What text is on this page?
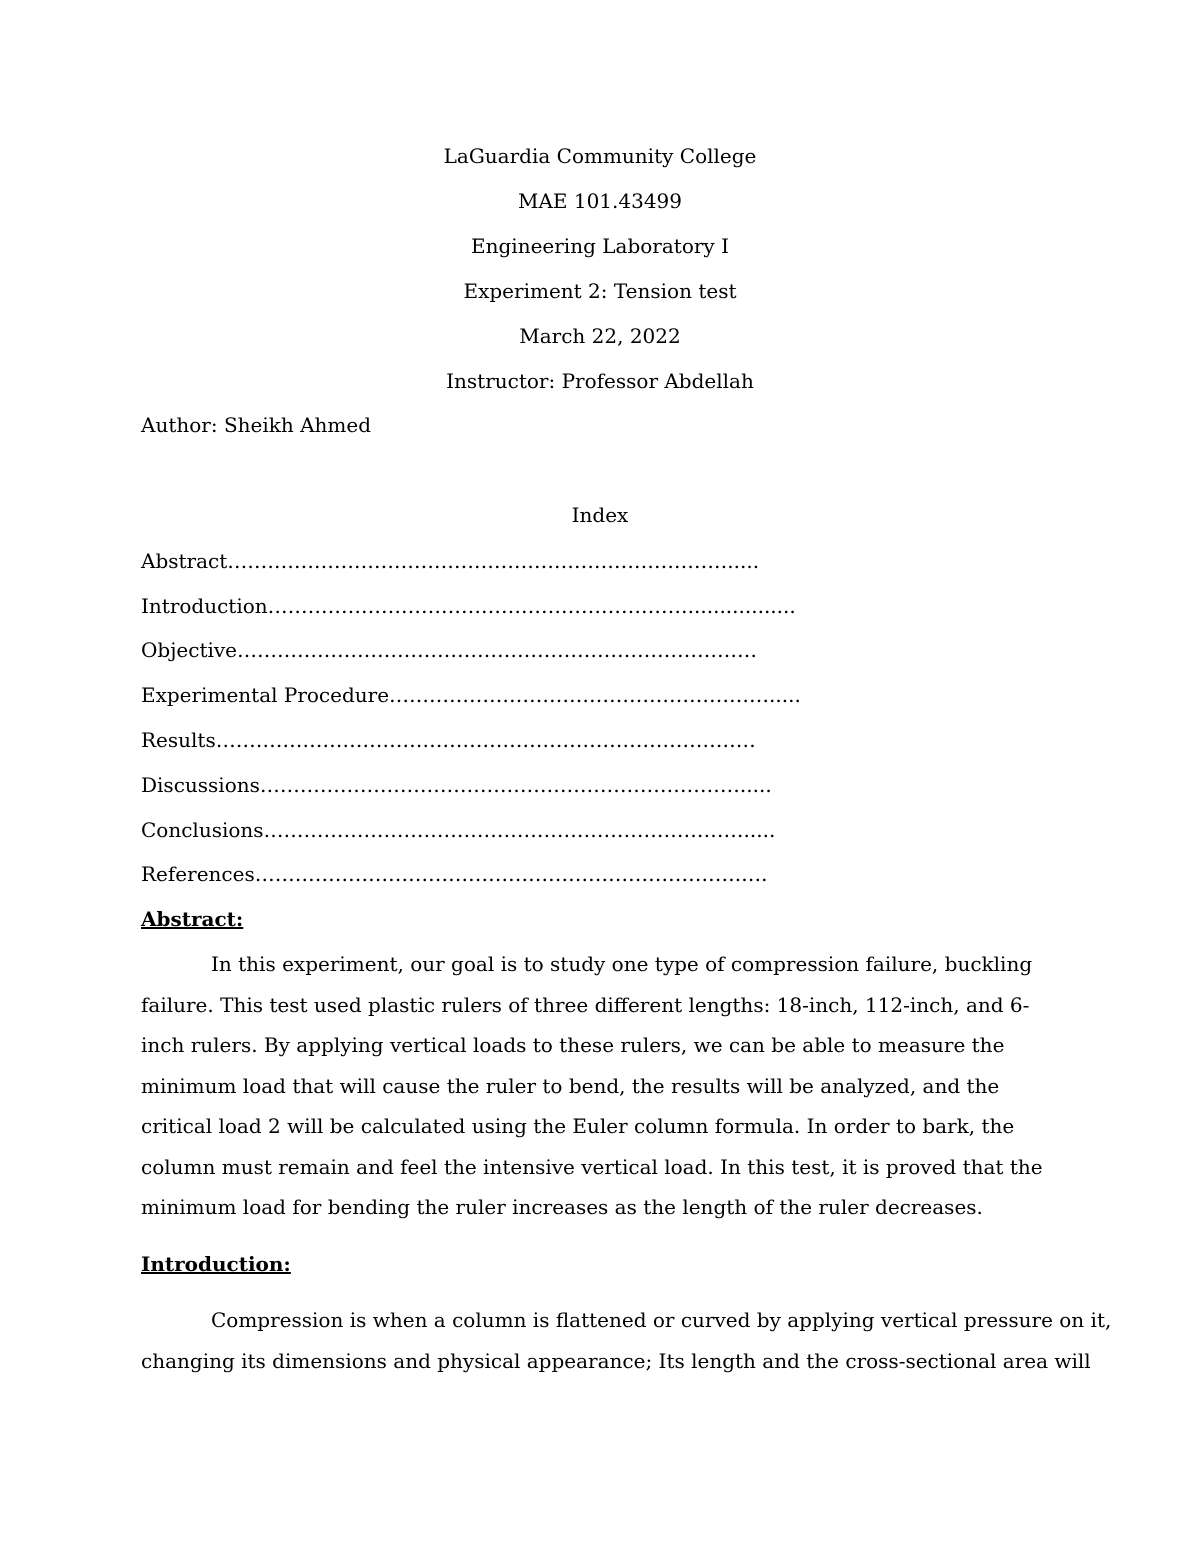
LaGuardia Community College
MAE 101.43499
Engineering Laboratory I
Experiment 2: Tension test
March 22, 2022
Instructor: Professor Abdellah
Author: Sheikh Ahmed
Index
Abstract………………………………………………………………….....
Introduction……………………………………………………….................
Objective……………………………………………………………………
Experimental Procedure………………………………………………….....
Results………………………………………………………………………
Discussions……………………………………………………………….....
Conclusions……………………………………………………………….....
References……………………………………………………………….….
Abstract:

In this experiment, our goal is to study one type of compression failure, buckling failure. This test used plastic rulers of three different lengths: 18-inch, 112-inch, and 6-inch rulers. By applying vertical loads to these rulers, we can be able to measure the minimum load that will cause the ruler to bend, the results will be analyzed, and the critical load 2 will be calculated using the Euler column formula. In order to bark, the column must remain and feel the intensive vertical load. In this test, it is proved that the minimum load for bending the ruler increases as the length of the ruler decreases.

Introduction:
Compression is when a column is flattened or curved by applying vertical pressure on it,
changing its dimensions and physical appearance; Its length and the cross-sectional area will
